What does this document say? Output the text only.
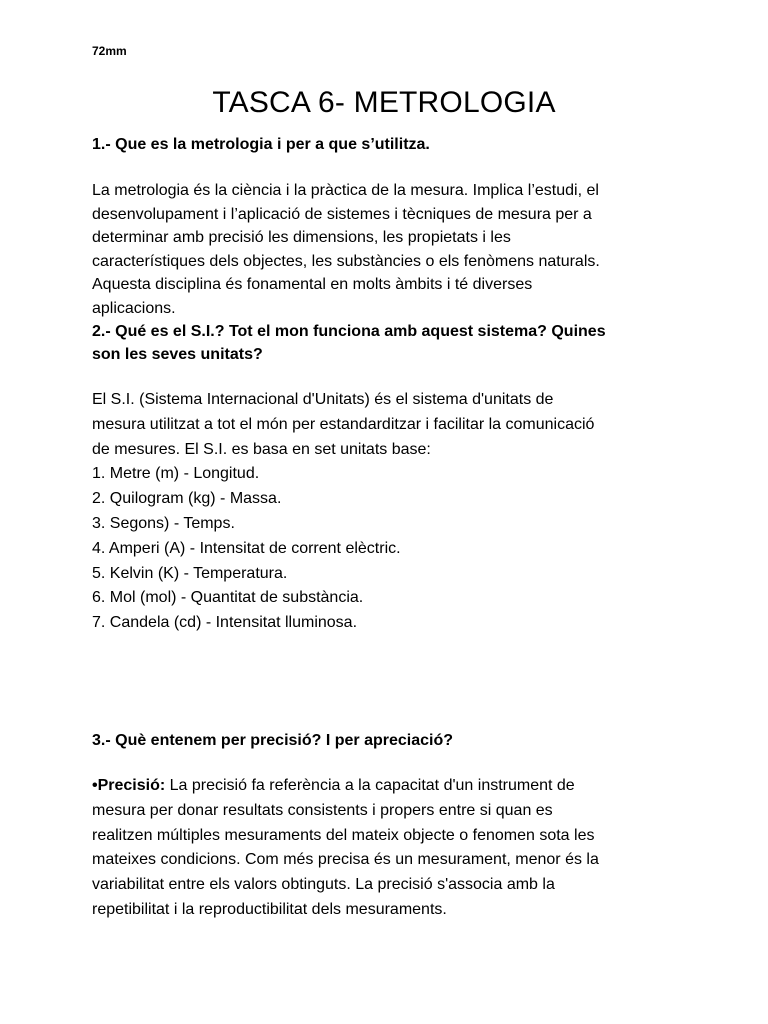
72mm
TASCA 6- METROLOGIA

1.- Que es la metrologia i per a que s’utilitza.

La metrologia és la ciència i la pràctica de la mesura. Implica l’estudi, el

desenvolupament i l’aplicació de sistemes i tècniques de mesura per a

determinar amb precisió les dimensions, les propietats i les

característiques dels objectes, les substàncies o els fenòmens naturals.

Aquesta disciplina és fonamental en molts àmbits i té diverses

aplicacions.

2.- Qué es el S.I.? Tot el mon funciona amb aquest sistema? Quines
son les seves unitats?

El S.I. (Sistema Internacional d'Unitats) és el sistema d'unitats de

mesura utilitzat a tot el món per estandarditzar i facilitar la comunicació

de mesures. El S.I. es basa en set unitats base:

1. Metre (m) - Longitud.
2. Quilogram (kg) - Massa.
3. Segons) - Temps.
4. Amperi (A) - Intensitat de corrent elèctric.
5. Kelvin (K) - Temperatura.
6. Mol (mol) - Quantitat de substància.
7. Candela (cd) - Intensitat lluminosa.

3.- Què entenem per precisió? I per apreciació?

•Precisió: La precisió fa referència a la capacitat d'un instrument de

mesura per donar resultats consistents i propers entre si quan es

realitzen múltiples mesuraments del mateix objecte o fenomen sota les

mateixes condicions. Com més precisa és un mesurament, menor és la

variabilitat entre els valors obtinguts. La precisió s'associa amb la

repetibilitat i la reproductibilitat dels mesuraments.
